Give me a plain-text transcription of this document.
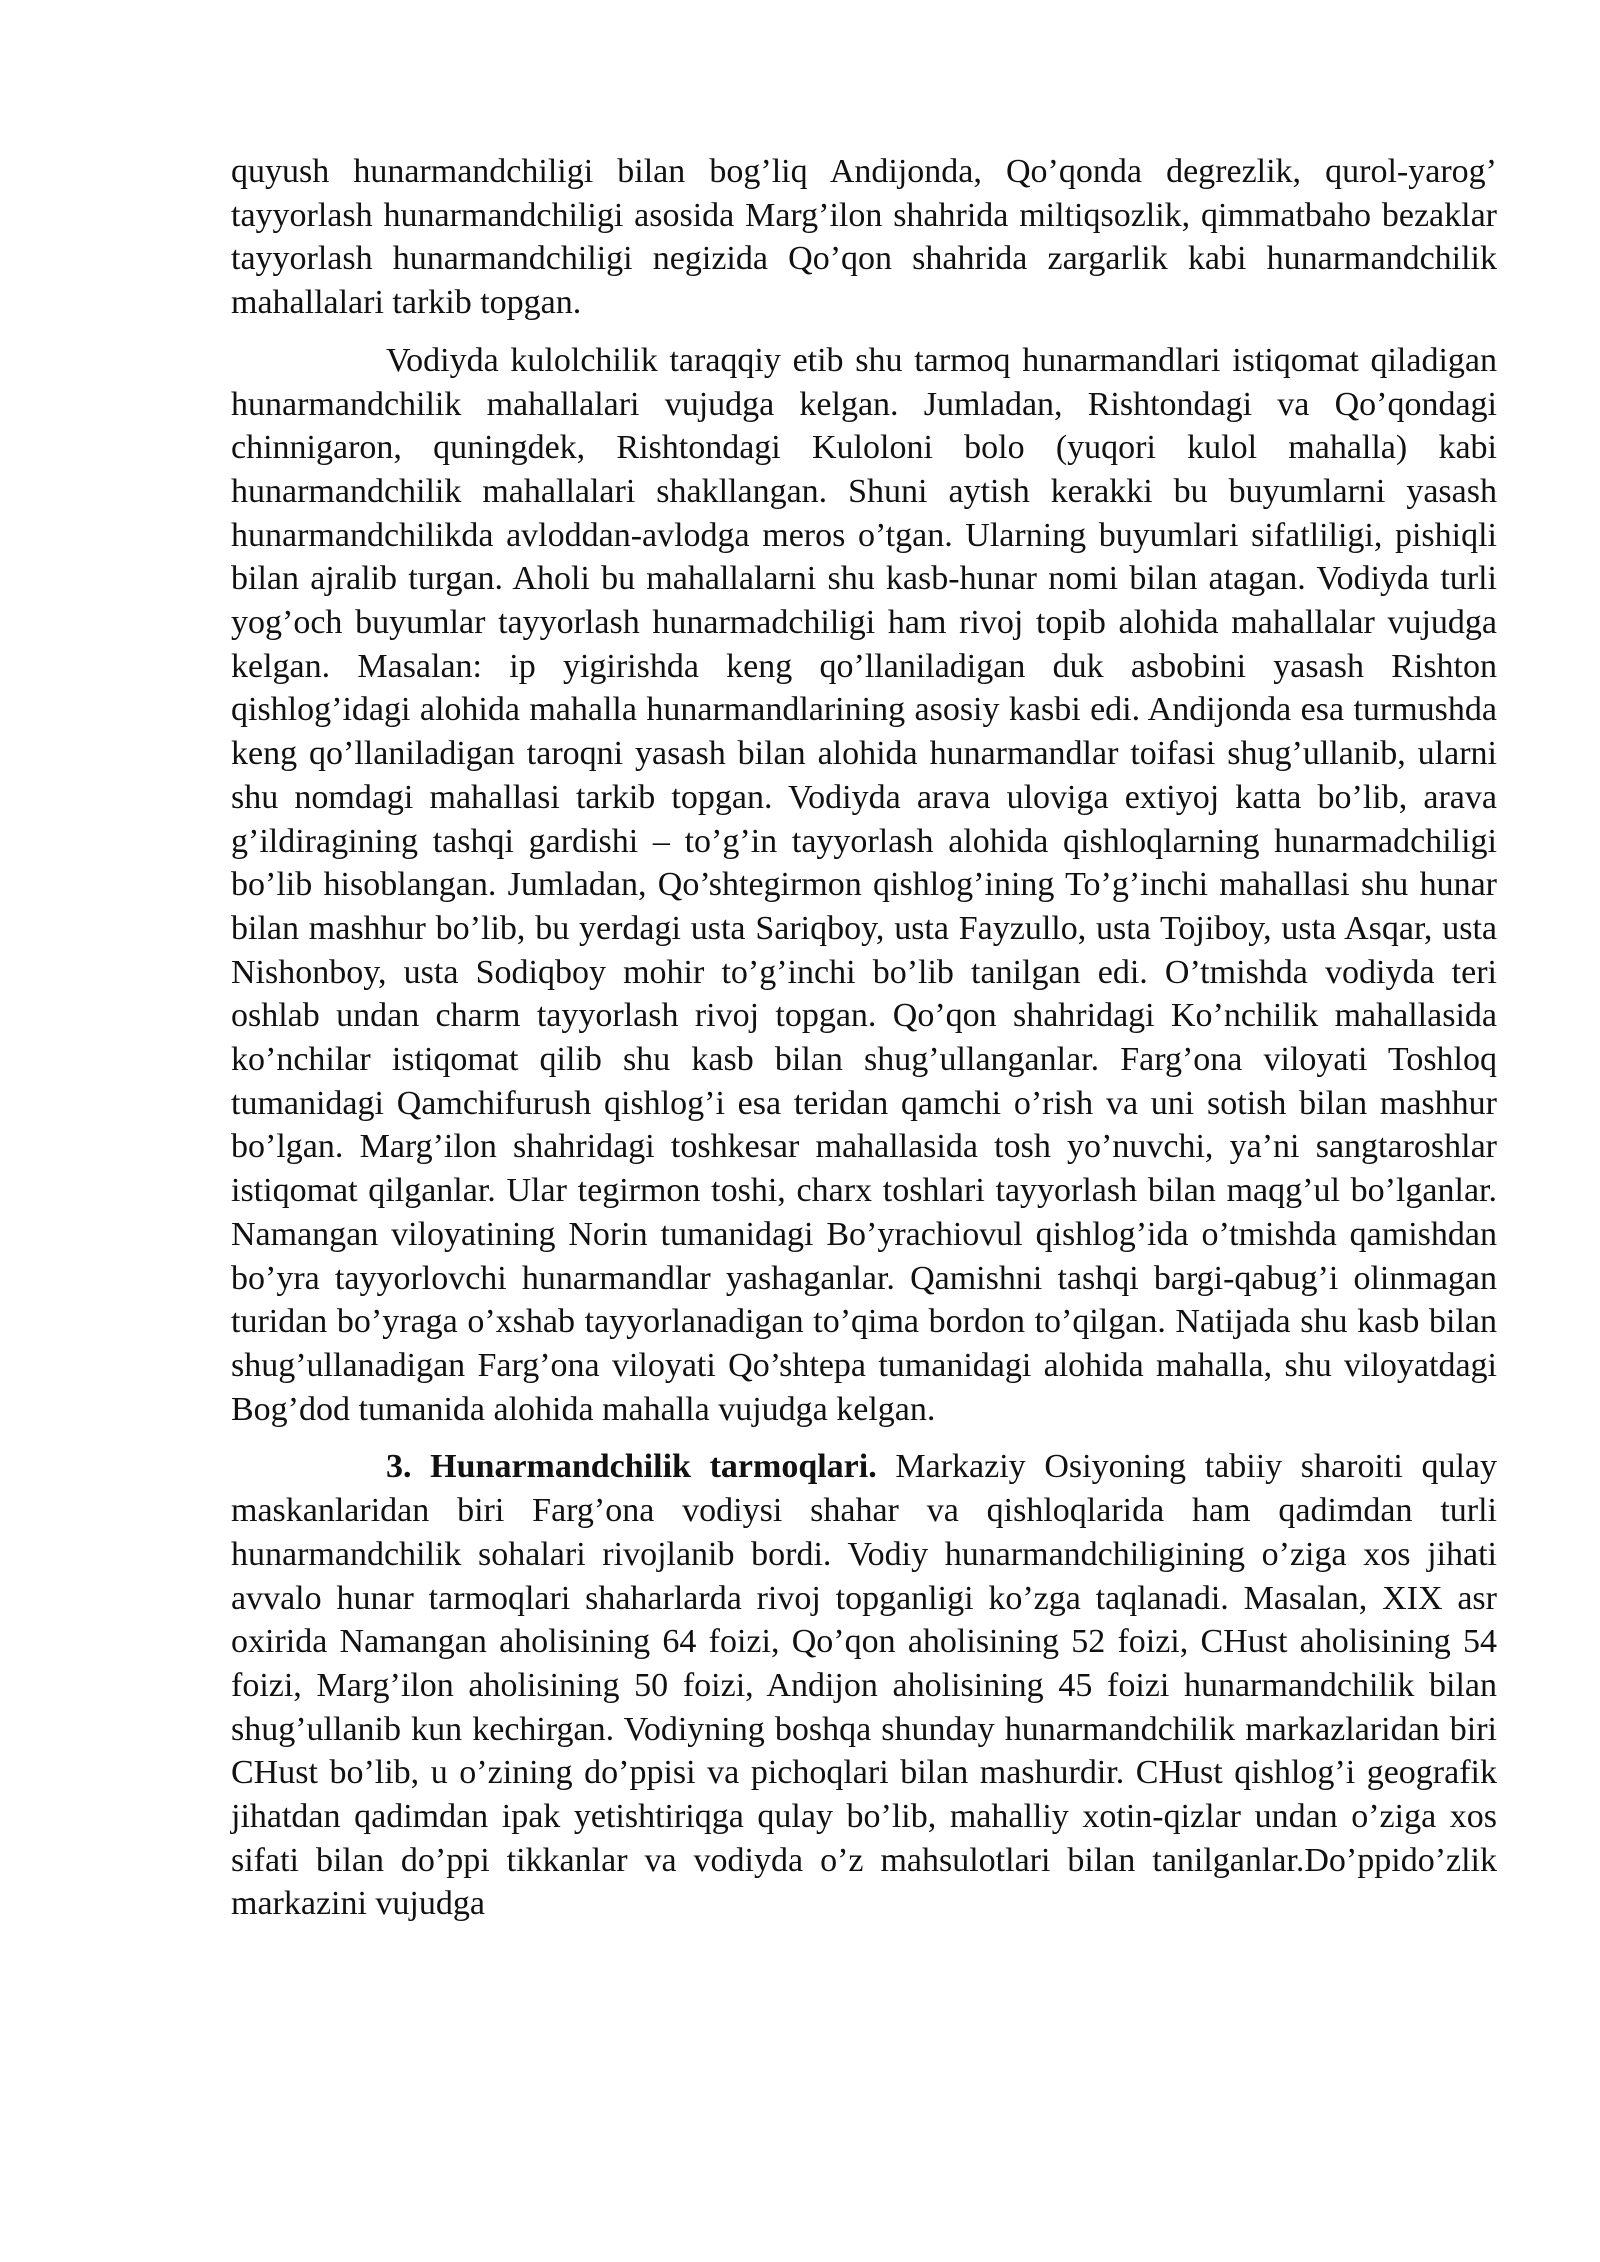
quyush hunarmandchiligi bilan bog’liq Andijonda, Qo’qonda degrezlik, qurol-yarog’ tayyorlash hunarmandchiligi asosida Marg’ilon shahrida miltiqsozlik, qimmatbaho bezaklar tayyorlash hunarmandchiligi negizida Qo’qon shahrida zargarlik kabi hunarmandchilik mahallalari tarkib topgan.

Vodiyda kulolchilik taraqqiy etib shu tarmoq hunarmandlari istiqomat qiladigan hunarmandchilik mahallalari vujudga kelgan. Jumladan, Rishtondagi va Qo’qondagi chinnigaron, quningdek, Rishtondagi Kuloloni bolo (yuqori kulol mahalla) kabi hunarmandchilik mahallalari shakllangan. Shuni aytish kerakki bu buyumlarni yasash hunarmandchilikda avloddan-avlodga meros o’tgan. Ularning buyumlari sifatliligi, pishiqli bilan ajralib turgan. Aholi bu mahallalarni shu kasb-hunar nomi bilan atagan. Vodiyda turli yog’och buyumlar tayyorlash hunarmadchiligi ham rivoj topib alohida mahallalar vujudga kelgan. Masalan: ip yigirishda keng qo’llaniladigan duk asbobini yasash Rishton qishlog’idagi alohida mahalla hunarmandlarining asosiy kasbi edi. Andijonda esa turmushda keng qo’llaniladigan taroqni yasash bilan alohida hunarmandlar toifasi shug’ullanib, ularni shu nomdagi mahallasi tarkib topgan. Vodiyda arava uloviga extiyoj katta bo’lib, arava g’ildiragining tashqi gardishi – to’g’in tayyorlash alohida qishloqlarning hunarmadchiligi bo’lib hisoblangan. Jumladan, Qo’shtegirmon qishlog’ining To’g’inchi mahallasi shu hunar bilan mashhur bo’lib, bu yerdagi usta Sariqboy, usta Fayzullo, usta Tojiboy, usta Asqar, usta Nishonboy, usta Sodiqboy mohir to’g’inchi bo’lib tanilgan edi. O’tmishda vodiyda teri oshlab undan charm tayyorlash rivoj topgan. Qo’qon shahridagi Ko’nchilik mahallasida ko’nchilar istiqomat qilib shu kasb bilan shug’ullanganlar. Farg’ona viloyati Toshloq tumanidagi Qamchifurush qishlog’i esa teridan qamchi o’rish va uni sotish bilan mashhur bo’lgan. Marg’ilon shahridagi toshkesar mahallasida tosh yo’nuvchi, ya’ni sangtaroshlar istiqomat qilganlar. Ular tegirmon toshi, charx toshlari tayyorlash bilan maqg’ul bo’lganlar. Namangan viloyatining Norin tumanidagi Bo’yrachiovul qishlog’ida o’tmishda qamishdan bo’yra tayyorlovchi hunarmandlar yashaganlar. Qamishni tashqi bargi-qabug’i olinmagan turidan bo’yraga o’xshab tayyorlanadigan to’qima bordon to’qilgan. Natijada shu kasb bilan shug’ullanadigan Farg’ona viloyati Qo’shtepa tumanidagi alohida mahalla, shu viloyatdagi Bog’dod tumanida alohida mahalla vujudga kelgan.

3. Hunarmandchilik tarmoqlari. Markaziy Osiyoning tabiiy sharoiti qulay maskanlaridan biri Farg’ona vodiysi shahar va qishloqlarida ham qadimdan turli hunarmandchilik sohalari rivojlanib bordi. Vodiy hunarmandchiligining o’ziga xos jihati avvalo hunar tarmoqlari shaharlarda rivoj topganligi ko’zga taqlanadi. Masalan, XIX asr oxirida Namangan aholisining 64 foizi, Qo’qon aholisining 52 foizi, CHust aholisining 54 foizi, Marg’ilon aholisining 50 foizi, Andijon aholisining 45 foizi hunarmandchilik bilan shug’ullanib kun kechirgan. Vodiyning boshqa shunday hunarmandchilik markazlaridan biri CHust bo’lib, u o’zining do’ppisi va pichoqlari bilan mashurdir. CHust qishlog’i geografik jihatdan qadimdan ipak yetishtiriqga qulay bo’lib, mahalliy xotin-qizlar undan o’ziga xos sifati bilan do’ppi tikkanlar va vodiyda o’z mahsulotlari bilan tanilganlar.Do’ppido’zlik markazini vujudga
